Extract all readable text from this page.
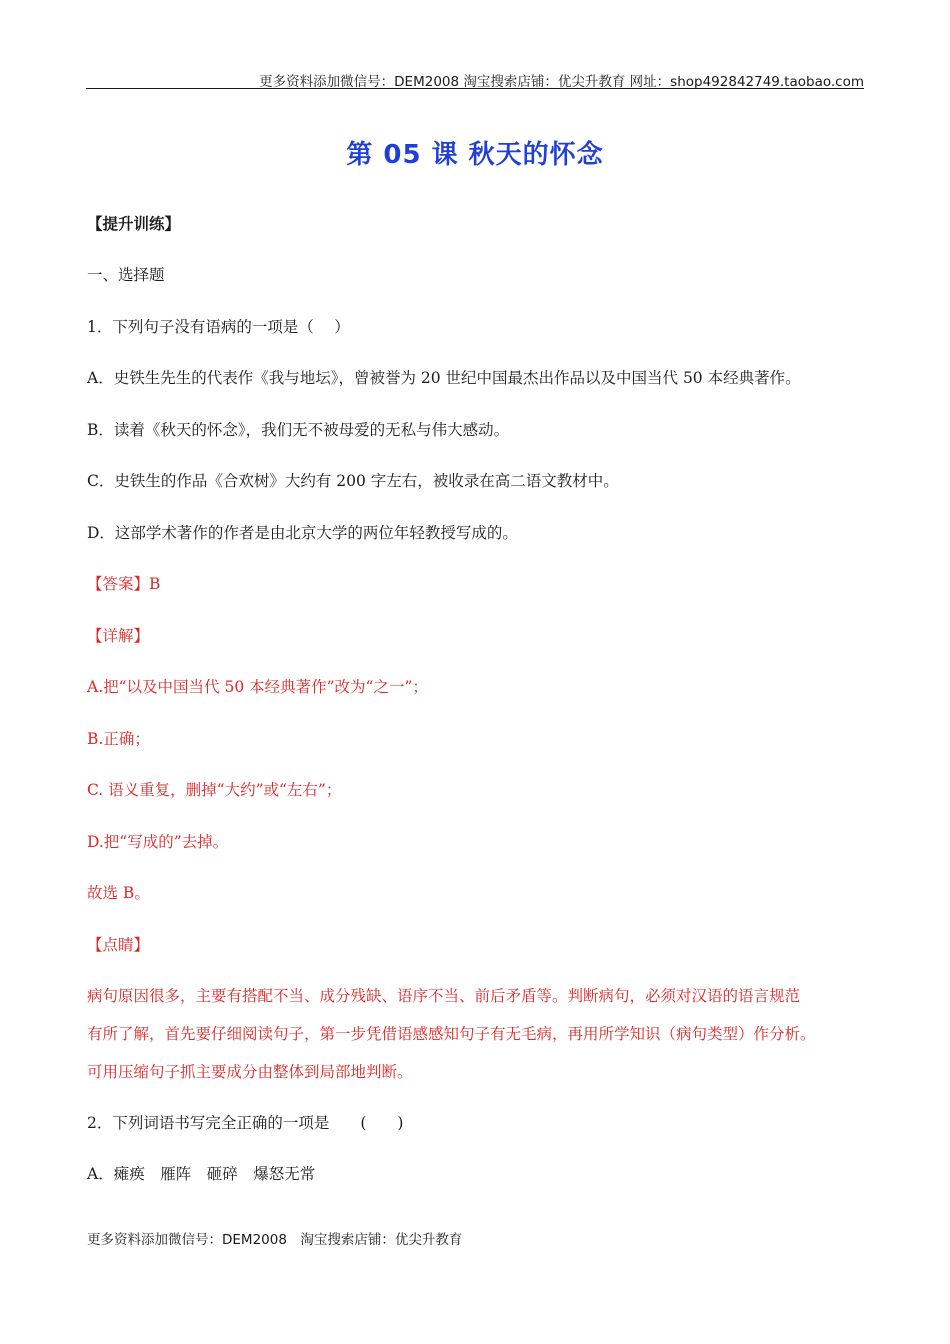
更多资料添加微信号：DEM2008 淘宝搜索店铺：优尖升教育 网址：shop492842749.taobao.com
第 05 课 秋天的怀念
【提升训练】
一、选择题
1．下列句子没有语病的一项是（　 ）
A．史铁生先生的代表作《我与地坛》，曾被誉为 20 世纪中国最杰出作品以及中国当代 50 本经典著作。
B．读着《秋天的怀念》，我们无不被母爱的无私与伟大感动。
C．史铁生的作品《合欢树》大约有 200 字左右，被收录在高二语文教材中。
D．这部学术著作的作者是由北京大学的两位年轻教授写成的。
【答案】B
【详解】
A.把“以及中国当代 50 本经典著作”改为“之一”；
B.正确；
C. 语义重复，删掉“大约”或“左右”；
D.把“写成的”去掉。
故选 B。
【点睛】
病句原因很多，主要有搭配不当、成分残缺、语序不当、前后矛盾等。判断病句，必须对汉语的语言规范
有所了解，首先要仔细阅读句子，第一步凭借语感感知句子有无毛病，再用所学知识（病句类型）作分析。
可用压缩句子抓主要成分由整体到局部地判断。
2．下列词语书写完全正确的一项是　　(　　)
A．瘫痪　雁阵　砸碎　爆怒无常
更多资料添加微信号：DEM2008　淘宝搜索店铺：优尖升教育
